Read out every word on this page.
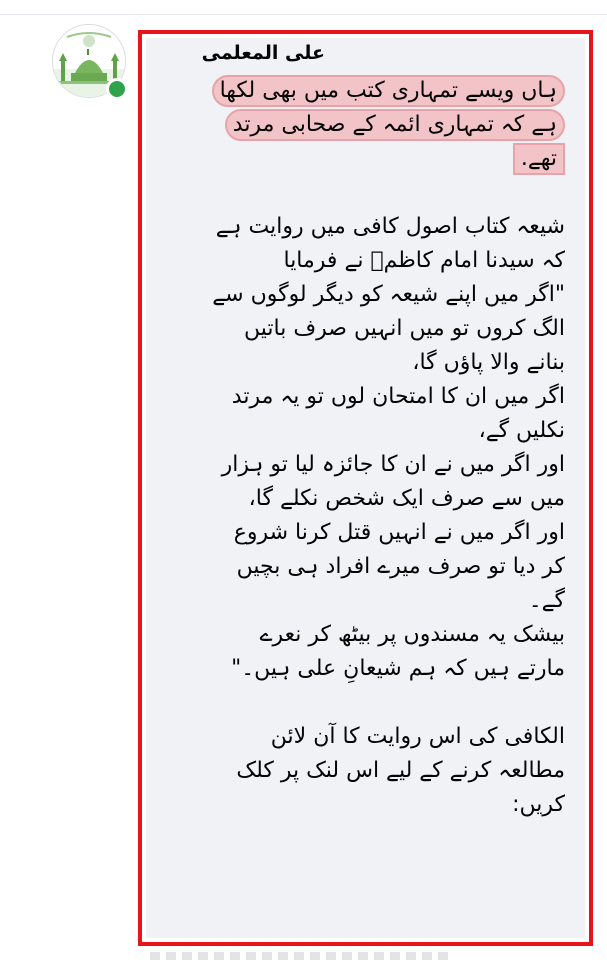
على المعلمى
ہاں ویسے تمہاری کتب میں بھی لکھا
ہے کہ تمہاری ائمہ کے صحابی مرتد
تھے.
شیعہ کتاب اصول کافی میں روایت ہے
کہ سیدنا امام کاظمؒ نے فرمایا
"اگر میں اپنے شیعہ کو دیگر لوگوں سے
الگ کروں تو میں انہیں صرف باتیں
بنانے والا پاؤں گا،
اگر میں ان کا امتحان لوں تو یہ مرتد
نکلیں گے،
اور اگر میں نے ان کا جائزہ لیا تو ہزار
میں سے صرف ایک شخص نکلے گا،
اور اگر میں نے انہیں قتل کرنا شروع
کر دیا تو صرف میرے افراد ہی بچیں
گے۔
بیشک یہ مسندوں پر بیٹھ کر نعرے
مارتے ہیں کہ ہم شیعانِ علی ہیں۔"
الکافی کی اس روایت کا آن لائن
مطالعہ کرنے کے لیے اس لنک پر کلک
کریں:
